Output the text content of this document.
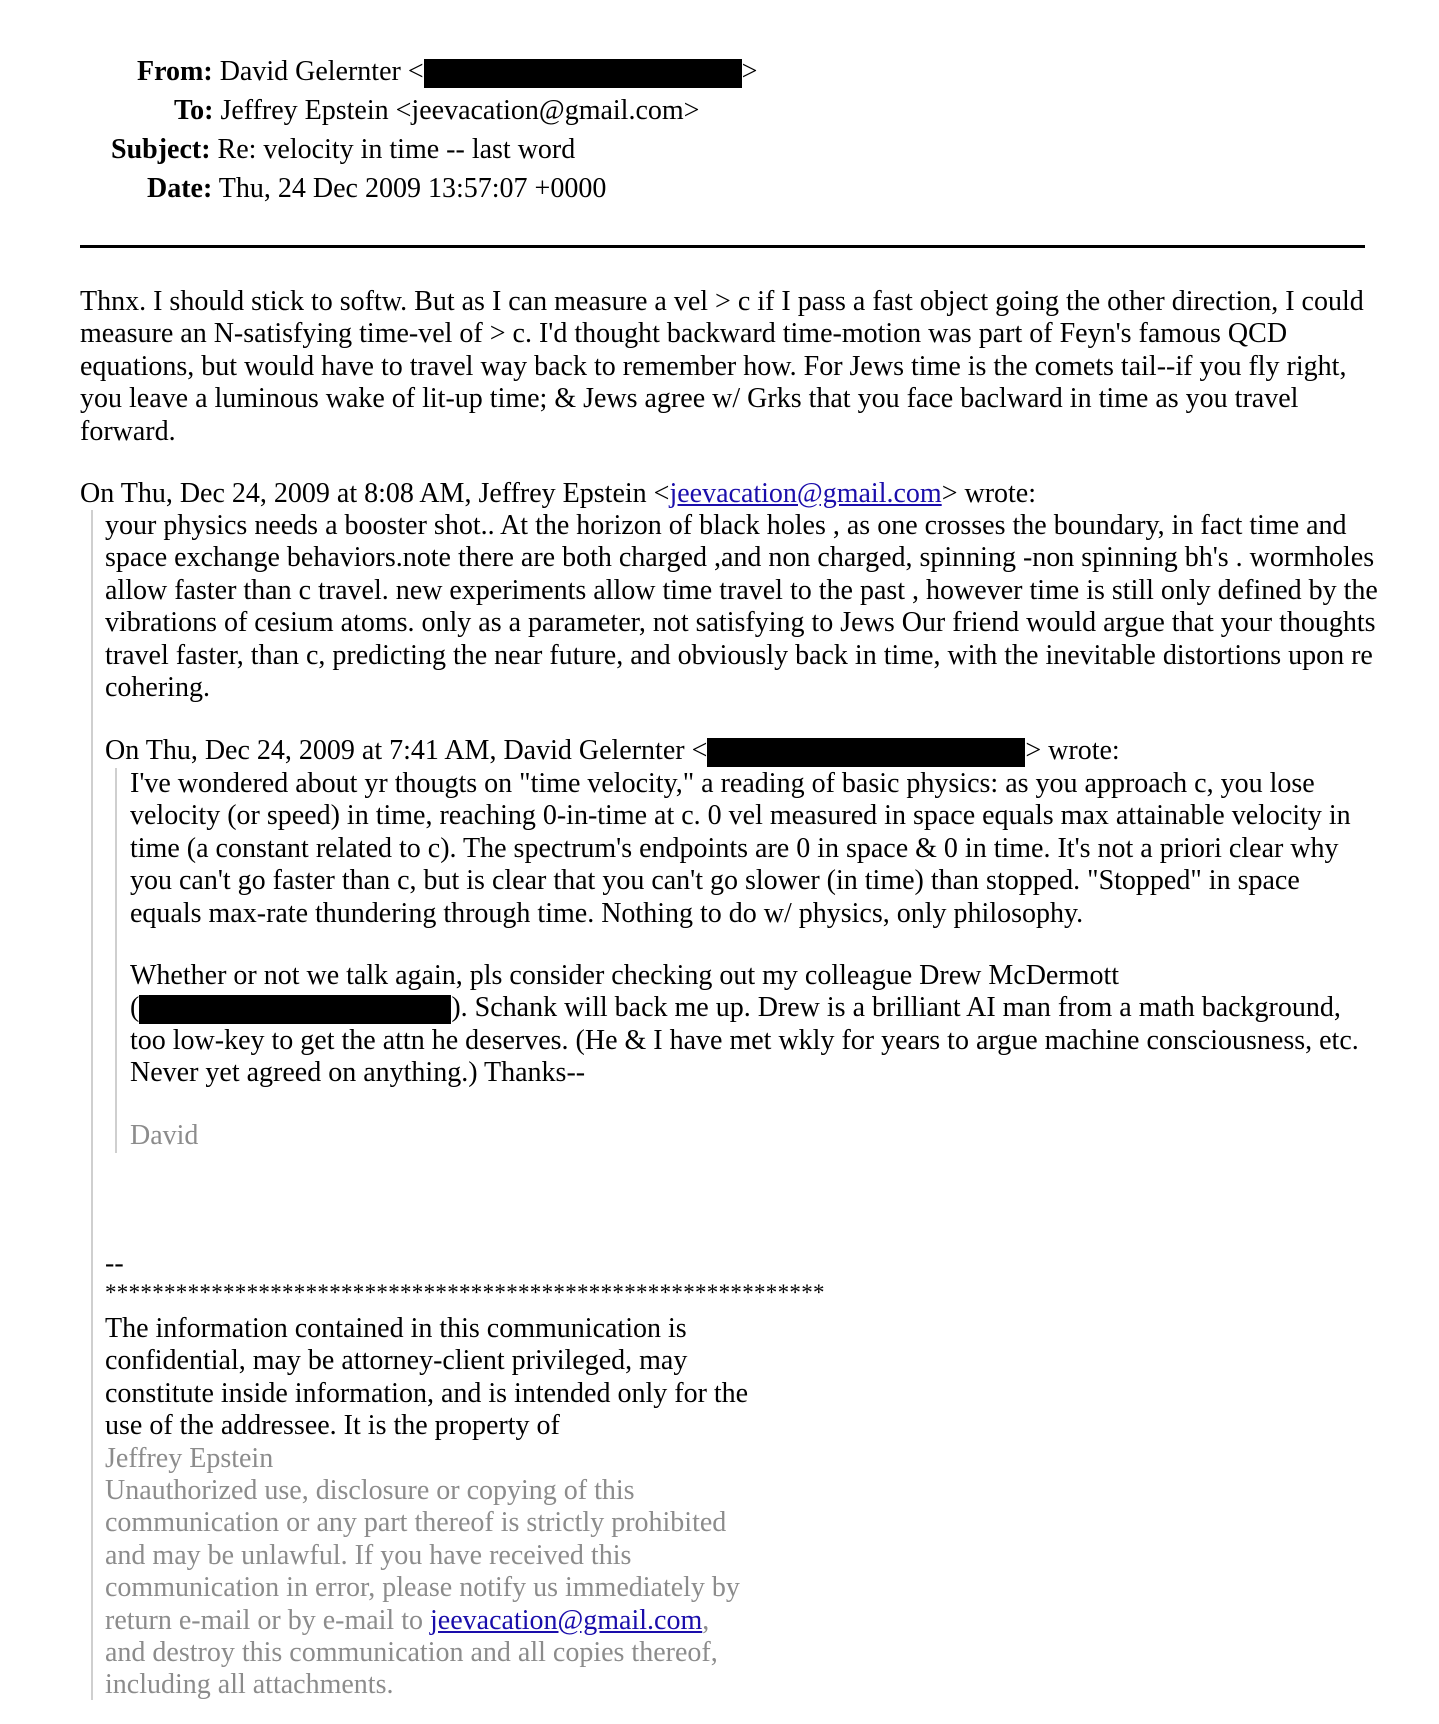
From: David Gelernter <	>
To: Jeffrey Epstein <jeevacation@gmail.com>
Subject: Re: velocity in time -- last word
Date: Thu, 24 Dec 2009 13:57:07 +0000
Thnx. I should stick to softw. But as I can measure a vel > c if I pass a fast object going the other direction, I could measure an N-satisfying time-vel of > c. I'd thought backward time-motion was part of Feyn's famous QCD equations, but would have to travel way back to remember how. For Jews time is the comets tail--if you fly right, you leave a luminous wake of lit-up time; & Jews agree w/ Grks that you face baclward in time as you travel forward.
On Thu, Dec 24, 2009 at 8:08 AM, Jeffrey Epstein <jeevacation@gmail.com> wrote:
your physics needs a booster shot.. At the horizon of black holes , as one crosses the boundary, in fact time and space exchange behaviors.note there are both charged ,and non charged, spinning -non spinning bh's . wormholes allow faster than c travel. new experiments allow time travel to the past , however time is still only defined by the vibrations of cesium atoms. only as a parameter, not satisfying to Jews Our friend would argue that your thoughts travel faster, than c, predicting the near future, and obviously back in time, with the inevitable distortions upon re cohering.
On Thu, Dec 24, 2009 at 7:41 AM, David Gelernter <	> wrote:
I've wondered about yr thougts on "time velocity," a reading of basic physics: as you approach c, you lose velocity (or speed) in time, reaching 0-in-time at c. 0 vel measured in space equals max attainable velocity in time (a constant related to c). The spectrum's endpoints are 0 in space & 0 in time. It's not a priori clear why you can't go faster than c, but is clear that you can't go slower (in time) than stopped. "Stopped" in space equals max-rate thundering through time. Nothing to do w/ physics, only philosophy.
Whether or not we talk again, pls consider checking out my colleague Drew McDermott
(	). Schank will back me up. Drew is a brilliant AI man from a math background, too low-key to get the attn he deserves. (He & I have met wkly for years to argue machine consciousness, etc. Never yet agreed on anything.) Thanks--
David
--
*************************************************************
The information contained in this communication is confidential, may be attorney-client privileged, may constitute inside information, and is intended only for the use of the addressee. It is the property of
Jeffrey Epstein
Unauthorized use, disclosure or copying of this communication or any part thereof is strictly prohibited and may be unlawful. If you have received this communication in error, please notify us immediately by return e-mail or by e-mail to jeevacation@gmail.com, and destroy this communication and all copies thereof, including all attachments.
